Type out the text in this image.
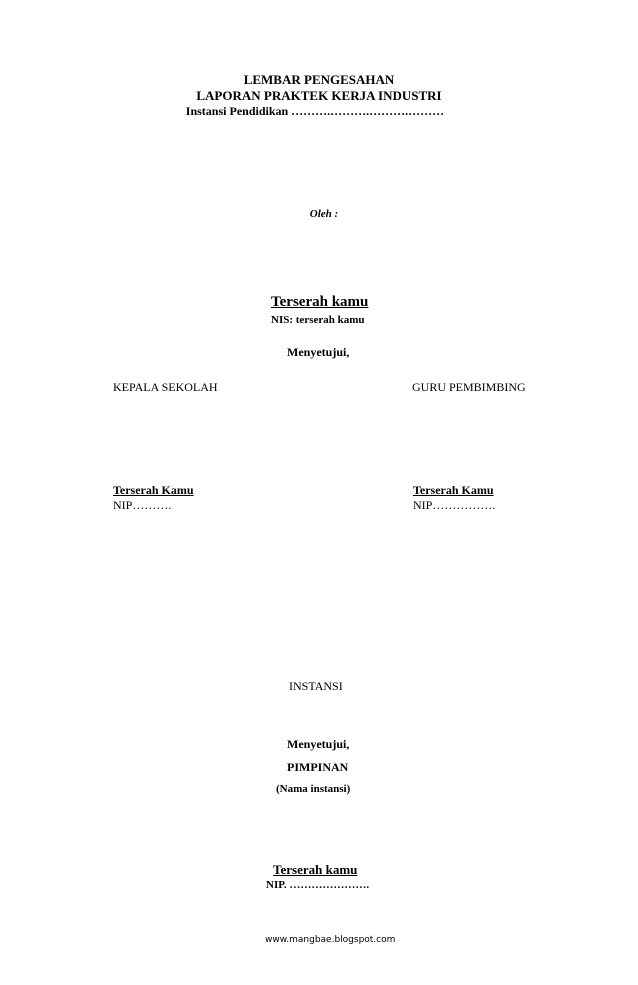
LEMBAR PENGESAHAN
LAPORAN PRAKTEK KERJA INDUSTRI
Instansi Pendidikan ……….……….……….………
Oleh :
Terserah kamu
NIS: terserah kamu
Menyetujui,
KEPALA SEKOLAH	GURU PEMBIMBING
Terserah Kamu
NIP……….
Terserah Kamu
NIP…………….
INSTANSI
Menyetujui,
PIMPINAN
(Nama instansi)
Terserah kamu
NIP. ………………….
www.mangbae.blogspot.com
